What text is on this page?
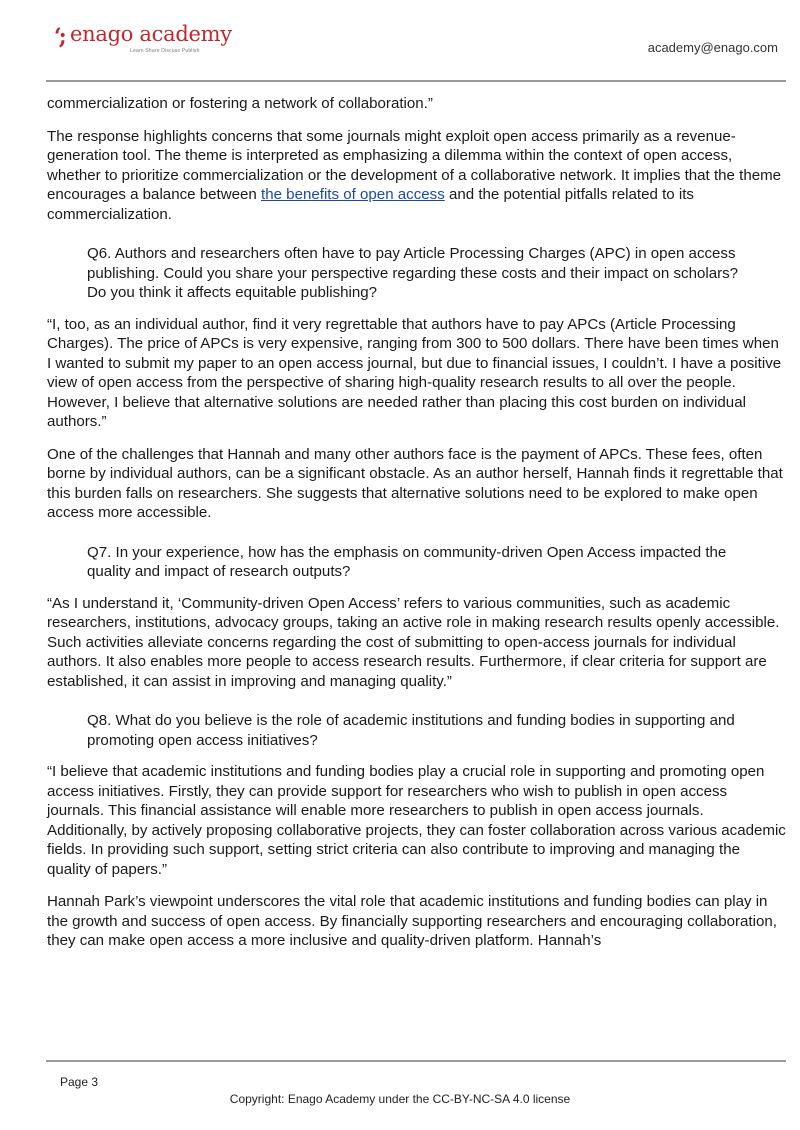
‘; enago academy
Learn Share Discuss Publish	academy@enago.com

commercialization or fostering a network of collaboration.”

The response highlights concerns that some journals might exploit open access primarily as a revenue-generation tool. The theme is interpreted as emphasizing a dilemma within the context of open access, whether to prioritize commercialization or the development of a collaborative network. It implies that the theme encourages a balance between the benefits of open access and the potential pitfalls related to its commercialization.

Q6. Authors and researchers often have to pay Article Processing Charges (APC) in open access publishing. Could you share your perspective regarding these costs and their impact on scholars? Do you think it affects equitable publishing?

“I, too, as an individual author, find it very regrettable that authors have to pay APCs (Article Processing Charges). The price of APCs is very expensive, ranging from 300 to 500 dollars. There have been times when I wanted to submit my paper to an open access journal, but due to financial issues, I couldn’t. I have a positive view of open access from the perspective of sharing high-quality research results to all over the people. However, I believe that alternative solutions are needed rather than placing this cost burden on individual authors.”

One of the challenges that Hannah and many other authors face is the payment of APCs. These fees, often borne by individual authors, can be a significant obstacle. As an author herself, Hannah finds it regrettable that this burden falls on researchers. She suggests that alternative solutions need to be explored to make open access more accessible.

Q7. In your experience, how has the emphasis on community-driven Open Access impacted the quality and impact of research outputs?

“As I understand it, ‘Community-driven Open Access’ refers to various communities, such as academic researchers, institutions, advocacy groups, taking an active role in making research results openly accessible. Such activities alleviate concerns regarding the cost of submitting to open-access journals for individual authors. It also enables more people to access research results. Furthermore, if clear criteria for support are established, it can assist in improving and managing quality.”

Q8. What do you believe is the role of academic institutions and funding bodies in supporting and promoting open access initiatives?

“I believe that academic institutions and funding bodies play a crucial role in supporting and promoting open access initiatives. Firstly, they can provide support for researchers who wish to publish in open access journals. This financial assistance will enable more researchers to publish in open access journals. Additionally, by actively proposing collaborative projects, they can foster collaboration across various academic fields. In providing such support, setting strict criteria can also contribute to improving and managing the quality of papers.”

Hannah Park’s viewpoint underscores the vital role that academic institutions and funding bodies can play in the growth and success of open access. By financially supporting researchers and encouraging collaboration, they can make open access a more inclusive and quality-driven platform. Hannah’s

Page 3
Copyright: Enago Academy under the CC-BY-NC-SA 4.0 license
